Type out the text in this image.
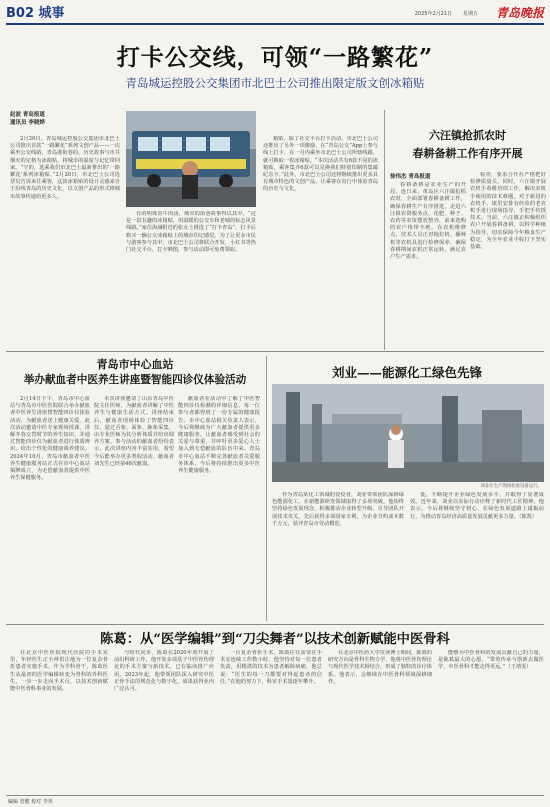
B02 城事	2025年2月21日 星期五 青岛晚报
打卡公交线，可领“一路繁花”
青岛城运控股公交集团市北巴士公司推出限定版文创冰箱贴
赵波 青岛报道
通讯员 李晓烨

2月20日，青岛城运控股公交集团市北巴士公司推出首款“一路繁花”系列文创产品——一次乘坐公交线路，青岛港街巷的、历史故事与市井烟火的定格为冰箱贴，将城市的温度与记忆带回家。“空的，选乘我们市北巴士最新推出的‘一路繁花’系列冰箱贴。”2月20日，市北巴士公司选票员告诉来往乘客，这款冰箱贴的设计灵感来自于沿线青岛的历史文化，以文创产品的形式将城市故事传递给更多人。

有的明珠香牛肉汤，城市的街巷故事得以其中。“这是一款有趣的冰箱贴，用温暖的公交车和老城的标志风景线路。”家住海涵附近的张女士挑选了“打卡青岛”，打卡后购买一辆公交冰箱贴上的城市印记感觉。为了让更多市民与游客参与其中，市北巴士公司将联合开发，小红书等热门社交平台，打卡晒图，参与活动即可免费领取。

箱贴。除了社交平台打卡活动，市北巴士公司还推出了另外一项激励，在“青岛公交”App上参与线上打卡，在一月内乘坐市北巴士公司所辖线路，就可换取一枚冰箱贴。“本次活动共有6款不同的冰箱贴，乘客集齐6款可以兑换我们特别印制的集邮纪念卡。”此外，市北巴士公司还将继续推出更多具有城市特色的文创产品，让乘客在出行中体验青岛的历史与文化。

六汪镇抢抓农时
春耕备耕工作有序开展
徐伟杰 青岛报道

春耕备耕是农业生产的开局，连日来，黄岛区六汪镇抢抓农时，全面部署春耕备耕工作，确保春耕生产有序推进。走进六汪镇农资服务点，化肥、种子、农药等农资摆放整齐，前来选购的农户络绎不绝。在农机维修点，技术人员正对拖拉机、播种机等农机具进行检修保养，确保春耕期间农机正常运转，满足农户生产需求。

检查，要求合作社严格把好检修质量关，同时，六汪镇开展农机手春耕培训工作，解决农机手使用的技术难题。对于新进的农机手，镇里安排有经验的老农机手进行现场指导，手把手传授技术。当前，六汪镇正积极组织农户开展春耕备耕，以科学种植为指导，切实保障今年粮食生产稳定，为全年农业丰收打下坚实基础。

青岛市中心血站
举办献血者中医养生讲座暨智能四诊仪体验活动

2月14日下午，青岛市中心血站与青岛市中医医院联合举办献血者中医养生讲座暨智能四诊仪体验活动，为献血者送上健康关爱。此次活动邀请中医专家现场授课，讲解冬春交替时节的养生知识，并通过智能四诊仪为献血者进行体质辨识，给出个性化的健康调养建议。2024年10月，青岛市献血者中医养生健康服务站正式在市中心血站揭牌成立，为无偿献血者提供中医养生保健服务。

本次讲座邀请了山东青岛中医院主任医师，为献血者讲解了中医养生与健康生活方式。讲座结束后，献血者现场体验了智能四诊仪，通过舌象、面象、脉象采集，由专业医师为其分析体质并给出调养方案。参与活动的献血者纷纷表示，此次讲座内容丰富实用，希望今后能举办更多类似活动。献血者刘先生已经第46次献血。

献血者在活动中了解了中医智能四诊仪检测的详细信息，每一位参与者都得到了一份专属的健康报告。市中心血站相关负责人表示，今后将继续为广大献血者提供更多健康服务，让献血者感受到社会的关爱与尊重，并呼吁更多爱心人士加入到无偿献血的队伍中来。青岛市中心血站不断完善献血者关爱服务体系，今后将持续推出更多中医养生健康服务。

刘业——能源化工绿色先锋
刘业在生产现场检查设备运行。

作为青岛某化工领域的佼佼者，刘业带领团队深耕绿色能源化工，在新能源研发领域取得了多项突破。他始终坚持绿色发展理念，积极推动企业转型升级，引导团队开展技术攻关，先后获得多项国家专利，为企业节约成本数千万元，获评青岛市劳动模范。

量，不断提升企业绿色发展水平，并取得了显著成效。近年来，刘业以实际行动诠释了新时代工匠精神。他表示，今后将继续坚守初心，在绿色发展道路上砥砺前行，为推动青岛经济高质量发展贡献更多力量。（陈凯）

陈葛：从“医学编辑”到“刀尖舞者”以技术创新赋能中医骨科

在北京中医医院现代医院的手术室里，年轻医生正全神贯注地为一位复杂骨折患者实施手术。作为学科骨干，陈葛医生从最初的医学编辑转变为骨科的外科医生，一步一步走向手术台，以技术创新赋能中医骨科事业的发展。

与时代同步，陈葛在2020年初开展了前沿科研工作，他开发多项基于中医骨伤理论的手术方案与新技术，已在临床推广应用。2023年起，他带领团队深入研究中医正骨手法的规范化与数字化，成果获得业内广泛认可。

一台复杂骨折手术，陈葛往往需要在手术室连续工作数小时，他坚持对每一位患者负责，用精湛的技术为患者解除病痛。他总说：“医生的每一刀都要对得起患者的信任。”在他的努力下，科室手术量逐年攀升。

在北京中医药大学攻读博士期间，陈葛的研究方向是骨科生物力学，他将中医骨伤理论与现代医学技术相结合，形成了独特的诊疗体系。他表示，会继续在中医骨科领域深耕细作。

能够为中医骨科的发展贡献自己的力量，是陈葛最大的心愿。“带着传承与创新去做医学，中医骨科才能走得更远。”（王靖雯）

编辑 管健 校对 李英
